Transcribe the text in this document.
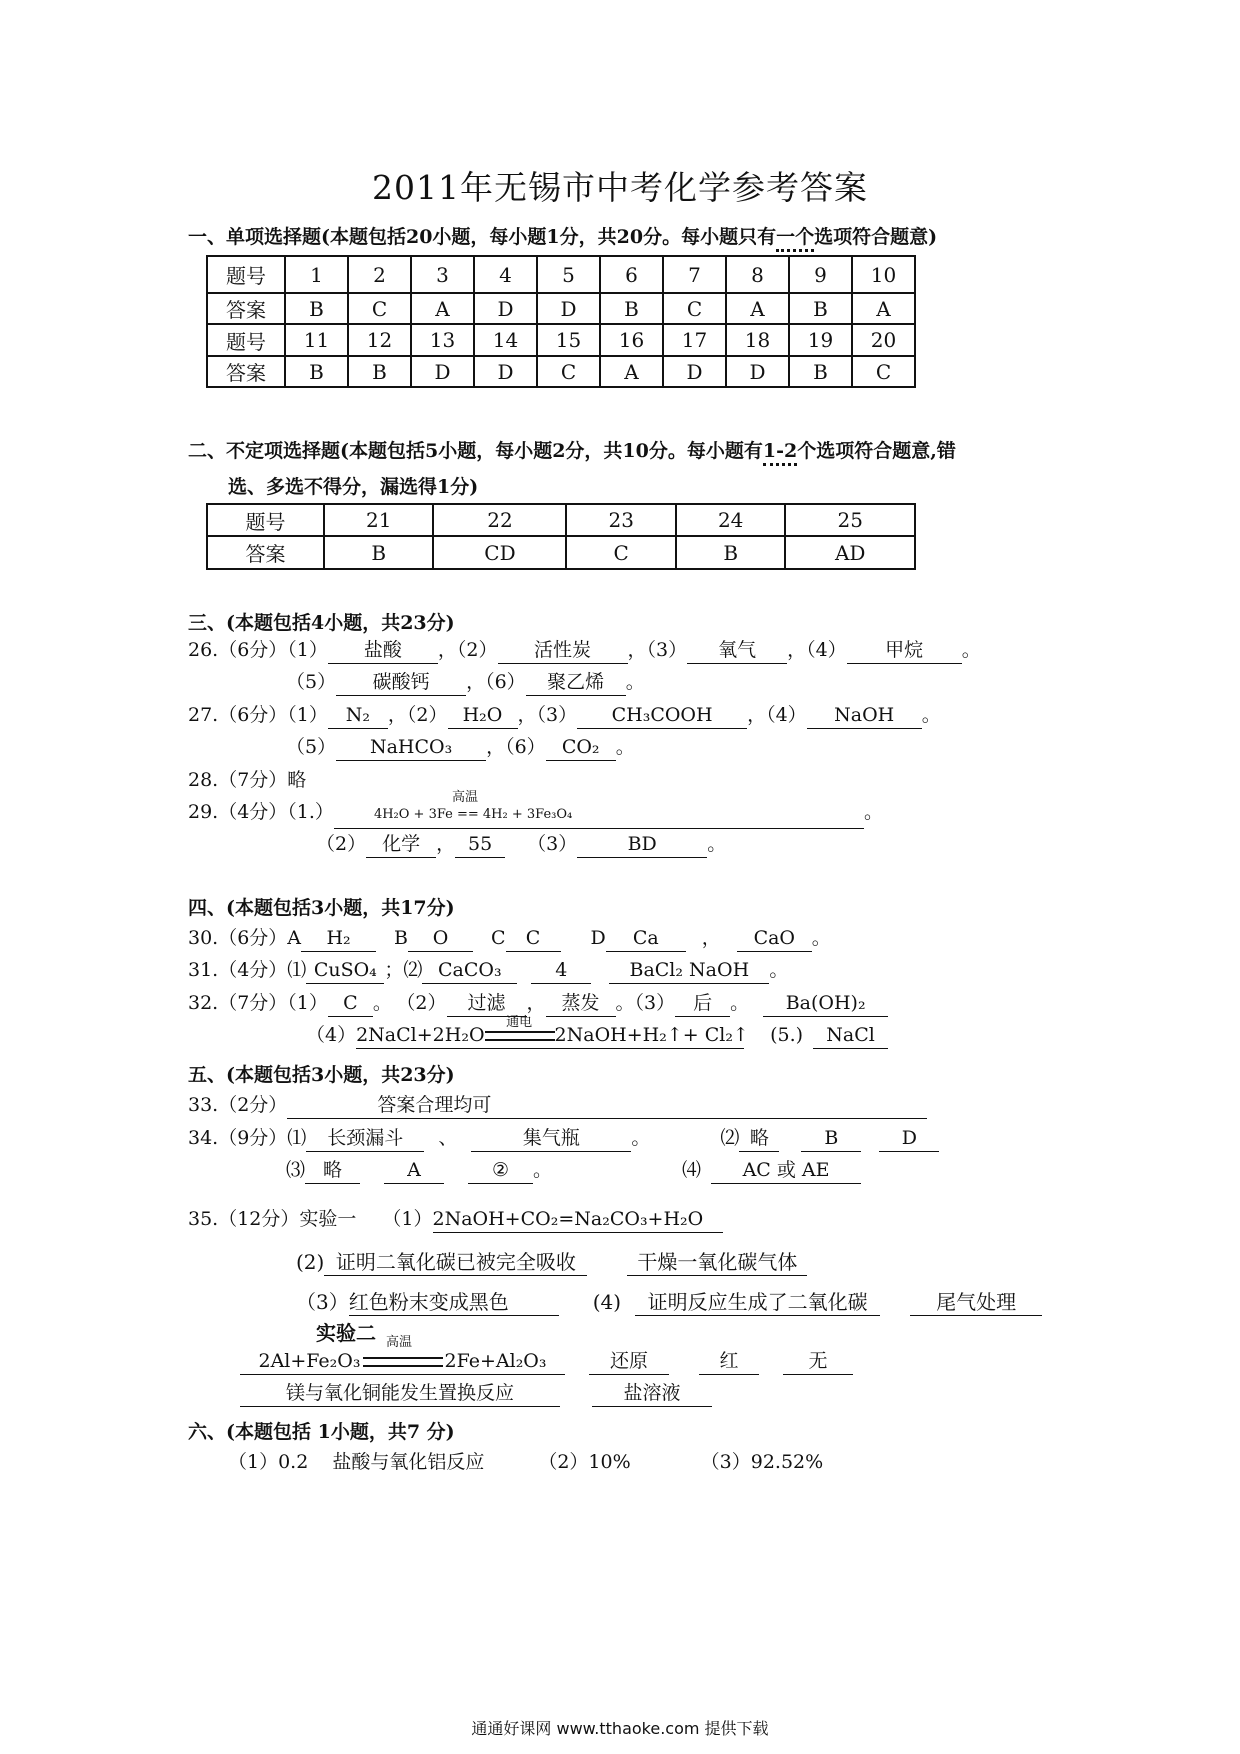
2011年无锡市中考化学参考答案
一、单项选择题(本题包括20小题，每小题1分，共20分。每小题只有一个选项符合题意)
题号	1	2	3	4	5	6	7	8	9	10
答案	B	C	A	D	D	B	C	A	B	A
题号	11	12	13	14	15	16	17	18	19	20
答案	B	B	D	D	C	A	D	D	B	C
二、不定项选择题(本题包括5小题，每小题2分，共10分。每小题有1-2个选项符合题意,错
选、多选不得分，漏选得1分)
题号	21	22	23	24	25
答案	B	CD	C	B	AD
三、(本题包括4小题，共23分)
26.（6分）（1） 盐酸 ，（2） 活性炭 ，（3） 氧气 ，（4） 甲烷 。
（5） 碳酸钙 ，（6） 聚乙烯 。
27.（6分）（1） N₂ ，（2） H₂O ，（3） CH₃COOH ，（4） NaOH 。
（5） NaHCO₃ ，（6） CO₂ 。
28.（7分）略
29.（4分）（1.）
高温
4H₂O + 3Fe == 4H₂ + 3Fe₃O₄	。
（2） 化学 ， 55 （3）	BD	。
四、(本题包括3小题，共17分)
30.（6分）A H₂ B O C C	D Ca ， CaO 。
31.（4分）⑴ CuSO₄ ；⑵ CaCO₃	4	BaCl₂ NaOH 。
32.（7分）（1） C 。 （2） 过滤 ， 蒸发 。（3） 后 。 Ba(OH)₂
（4）2NaCl+2H₂O
通电
2NaOH+H₂↑+ Cl₂↑ (5.) NaCl
五、(本题包括3小题，共23分)
33.（2分）	答案合理均可
34.（9分）⑴ 长颈漏斗 、	集气瓶	。	⑵ 略	B	D
⑶ 略	A	② 。	⑷ AC 或 AE
35.（12分）实验一 （1）2NaOH+CO₂=Na₂CO₃+H₂O
(2) 证明二氧化碳已被完全吸收	干燥一氧化碳气体
（3）红色粉末变成黑色	(4) 证明反应生成了二氧化碳	尾气处理
实验二 $_{高温}$
2Al+Fe₂O₃	2Fe+Al₂O₃	还原	红	无
镁与氧化铜能发生置换反应	盐溶液
六、(本题包括 1小题，共7 分)
（1）0.2 盐酸与氧化铝反应	（2）10%	（3）92.52%
通通好课网 www.tthaoke.com 提供下载
